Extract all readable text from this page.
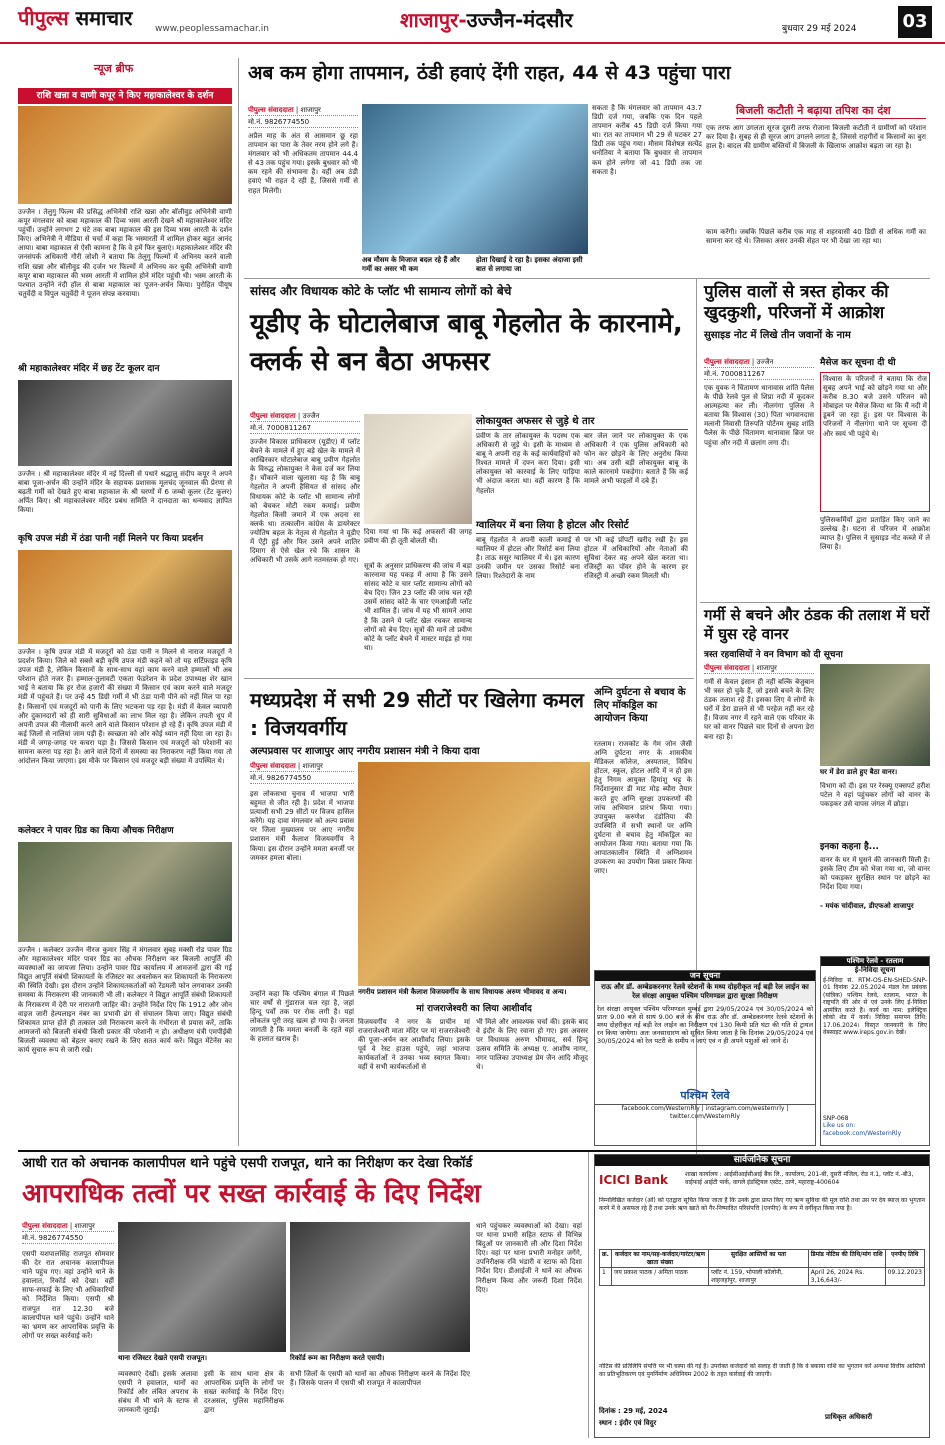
पीपुल्स समाचार	www.peoplessamachar.in	शाजापुर-उज्जैन-मंदसौर	बुधवार 29 मई 2024	03
न्यूज ब्रीफ
राशि खन्ना व वाणी कपूर ने किए महाकालेश्वर के दर्शन
उज्जैन । तेलुगु फिल्म की प्रसिद्ध अभिनेत्री राशि खन्ना और बॉलीवुड अभिनेत्री वाणी कपूर मंगलवार को बाबा महाकाल की दिव्य भस्म आरती देखने श्री महाकालेश्वर मंदिर पहुंचीं। उन्होंने लगभग 2 घंटे तक बाबा महाकाल की इस दिव्य भस्म आरती के दर्शन किए। अभिनेत्री ने मीडिया से चर्चा में कहा कि भस्मारती में शामिल होकर बहुत आनंद आया। बाबा महाकाल से ऐसी कामना है कि वे हमें फिर बुलाएं। महाकालेश्वर मंदिर की जनसंपर्क अधिकारी गौरी जोशी ने बताया कि तेलुगु फिल्मों में अभिनय करने वाली राशि खन्ना और बॉलीवुड की दर्जन भर फिल्मों में अभिनय कर चुकी अभिनेत्री वाणी कपूर बाबा महाकाल की भस्म आरती में शामिल होने मंदिर पहुंची थी। भस्म आरती के पश्चात उन्होंने नंदी हॉल से बाबा महाकाल का पूजन-अर्चन किया। पुरोहित पीयूष चतुर्वेदी व विपुल चतुर्वेदी ने पूजन संपन्न करवाया।
श्री महाकालेश्वर मंदिर में छह टेंट कूलर दान
उज्जैन । श्री महाकालेश्वर मंदिर में नई दिल्ली से पधारे श्रद्धालु संदीप कपूर ने अपने बाबा पूजा-अर्चन की उन्होंने मंदिर के सहायक प्रशासक मूलचंद जूनवाल की प्रेरणा से बढ़ती गर्मी को देखते हुए बाबा महाकाल के श्री चरणों में 6 जम्बो कूलर (टेंट कूलर) अर्पित किए। श्री महाकालेश्वर मंदिर प्रबंध समिति ने दानदाता का धन्यवाद ज्ञापित किया।
कृषि उपज मंडी में ठंडा पानी नहीं मिलने पर किया प्रदर्शन
उज्जैन । कृषि उपज मंडी में मजदूरों को ठंडा पानी न मिलने से नाराज मजदूरों ने प्रदर्शन किया। जिले को सबसे बड़ी कृषि उपज मंडी कहने को तो यह सर्टिफ़ाइड कृषि उपज मंडी है, लेकिन किसानों के साथ-साथ यहां काम करने वाले हम्मालों भी अब परेशान होते नजर हैं। हम्माल-तुलावटी एकता फेडरेशन के प्रदेश उपाध्यक्ष शेर खान भाई ने बताया कि हर रोज हजारों की संख्या में किसान एवं काम करने वाले मजदूर मंडी में पहुंचते हैं। पर उन्हें 45 डिग्री गर्मी में भी ठंडा पानी पीने को नहीं मिल पा रहा है। किसानों एवं मजदूरों को पानी के लिए भटकना पड़ रहा है। मंडी में केवल व्यापारी और दुकानदारों को ही सारी सुविधाओं का लाभ मिल रहा है। लेकिन तपती धूप में अपनी उपज की नीलामी करने आने वाले किसान परेशान हो रहे हैं। कृषि उपज मंडी में कई जिलों से नालियां जाम पड़ी हैं। स्वच्छता को ओर कोई ध्यान नहीं दिया जा रहा है। मंडी में जगह-जगह पर कचरा पड़ा है। जिससे किसान एवं मजदूरों को परेशानी का सामना करना पड़ रहा है। आने वाले दिनों में समस्या का निराकरण नहीं किया गया तो आंदोलन किया जाएगा। इस मौके पर किसान एवं मजदूर बड़ी संख्या में उपस्थित थे।
कलेक्टर ने पावर ग्रिड का किया औचक निरीक्षण
उज्जैन । कलेक्टर उज्जैन नीरज कुमार सिंह ने मंगलवार सुबह मक्सी रोड पावर ग्रिड और महाकालेश्वर मंदिर पावर ग्रिड का औचक निरीक्षण कर बिजली आपूर्ति की व्यवस्थाओं का जायजा लिया। उन्होंने पावर ग्रिड कार्यालय में आमजनों द्वारा की गई विद्युत आपूर्ति संबंधी शिकायतों के रजिस्टर का अवलोकन कर शिकायतों के निराकरण की स्थिति देखी। इस दौरान उन्होंने शिकायतकर्ताओं को रेंडमली फोन लगवाकर उनकी समस्या के निराकरण की जानकारी भी ली। कलेक्टर ने विद्युत आपूर्ति संबंधी शिकायतों के निराकरण में देरी पर नाराजगी जाहिर की। उन्होंने निर्देश दिए कि 1912 और जोन वाइज जारी हेल्पलाइन नंबर का प्रभावी ढंग से संचालन किया जाए। विद्युत संबंधी शिकायत प्राप्त होते ही तत्काल उसे निराकरण करने के गंभीरता से प्रयास करें, ताकि आमजनों को बिजली संबंधी किसी प्रकार की परेशानी न हो। अधीक्षण यंत्री एमपीईबी बिजली व्यवस्था को बेहतर बनाए रखने के लिए सतत कार्य करें। विद्युत मेंटेनेंस का कार्य सुचारु रूप से जारी रखें।
अब कम होगा तापमान, ठंडी हवाएं देंगी राहत, 44 से 43 पहुंचा पारा
पीपुल्स संवाददाता | शाजापुर
मो.नं. 9826774550
अप्रैल माह के अंत से आसमान छू रहा तापमान का पारा के तेवर नरम होने लगे हैं। मंगलवार को भी अधिकतम तापमान 44.4 से 43 तक पहुंच गया। इसके बुधवार को भी कम रहने की संभावना है। वहीं अब ठंडी हवाएं भी राहत दे रही हैं, जिससे गर्मी से राहत मिलेगी।
अब मौसम के मिजाज बदल रहे हैं और गर्मी का असर भी कम
होता दिखाई दे रहा है। इसका अंदाजा इसी बात से लगाया जा
सकता है कि मंगलवार को तापमान 43.7 डिग्री दर्ज गया, जबकि एक दिन पहले तापमान करीब 45 डिग्री दर्ज किया गया था। रात का तापमान भी 29 से घटकर 27 डिग्री तक पहुंच गया। मौसम विशेषज्ञ सत्येंद्र धनोतिया ने बताया कि बुधवार से तापमान कम होने लगेगा जो 41 डिग्री तक जा सकता है।
बिजली कटौती ने बढ़ाया तपिश का दंश
एक तरफ आग उगलता सूरज दूसरी तरफ रोजाना बिजली कटौती ने ग्रामीणों को परेशान कर दिया है। सुबह से ही सूरज आग उगलने लगता है, जिससे राहगीरों व किसानों का बुरा हाल है। बादल की ग्रामीण बस्तियों में बिजली के खिलाफ आक्रोश बढ़ता जा रहा है।
काम करेंगी। जबकि पिछले करीब एक माह से शहरवासी 40 डिग्री से अधिक गर्मी का सामना कर रहे थे। जिसका असर उनकी सेहत पर भी देखा जा रहा था।
सांसद और विधायक कोटे के प्लॉट भी सामान्य लोगों को बेचे
यूडीए के घोटालेबाज बाबू गेहलोत के कारनामे, क्लर्क से बन बैठा अफसर
पीपुल्स संवाददाता | उज्जैन
मो.नं. 7000811267
उज्जैन विकास प्राधिकरण (यूडीए) में प्लॉट बेचने के मामले में हुए बड़े खेल के मामले में आखिरकार घोटालेबाज बाबू प्रवीण गेहलोत के विरुद्ध लोकायुक्त ने केस दर्ज कर लिया है। चौंकाने वाला खुलासा यह है कि बाबू गेहलोत ने अपनी हैसियत से सांसद और विधायक कोटे के प्लॉट भी सामान्य लोगों को बेचकर मोटी रकम कमाई। प्रवीण गेहलोत किसी जमाने में एक अदना सा क्लर्क था। तत्कालीन कांग्रेस के डायरेक्टर ज्योतिष बहल के नेतृत्व से गेहलोत ने यूडीए में ऐंट्री हुई और फिर उसने अपने शातिर दिमाग से ऐसे खेल रचे कि शासन के अधिकारी भी उसके आगे नतमस्तक हो गए।
दिया गया था कि कई अफसरों की जगह प्रवीण की ही तूती बोलती थी।
सूत्रों के अनुसार प्राधिकरण की जांच में बड़ा कारनामा यह पकड़ में आया है कि उसने सांसद कोटे व चार प्लॉट सामान्य लोगों को बेच दिए। जिन 23 प्लॉट की जांच चल रही उसमें सांसद कोटे के चार एमआईजी प्लॉट भी शामिल हैं। जांच में यह भी सामने आया है कि उसने ये प्लॉट खेल रचकर सामान्य लोगों को बेच दिए। सूत्रों की मानें तो प्रवीण कोटे के प्लॉट बेचने में मास्टर माइंड हो गया था।
लोकायुक्त अफसर से जुड़े थे तार
प्रवीण के तार लोकायुक्त के पदस्थ एक अधिकारी से जुड़े थे। इसी के माध्यम से बाबू ने अपनी राह के कई कार्यवाहियों को रिश्वत मामले में दफ्न करा दिया। इसी लोकायुक्त को कारवाई के लिए पाड़िया भी अंदाज करता था। वहीं कारण है कि गेहलोत
बार जेल जाने पर लोकायुक्त के एक अधिकारी ने एक पुलिस अधिकारी को फोन कर छोड़ने के लिए अनुरोध किया था। अब उसी बड़ी लोकायुक्त बाबू के काले कारनामे पकड़ेगा। बताते हैं कि कई मामले अभी फाइलों में दबे हैं।
ग्वालियर में बना लिया है होटल और रिसोर्ट
बाबू गेहलोत ने अपनी काली कमाई से ग्वालियर में होटल और रिसोर्ट बना लिया है। ताऊ ससुर ग्वालियर में थे। इस कारण उनकी जमीन पर उसका रिसोर्ट बना लिया। रिश्तेदारों के नाम
पर भी कई प्रॉपर्टी खरीद रखी है। इस होटल में अधिकारियों और नेताओं की सुविधा देकर वह अपने खेल करता था। रजिस्ट्री का पॉवर होने के कारण हर रजिस्ट्री में अच्छी रकम मिलती थी।
पुलिस वालों से त्रस्त होकर की खुदकुशी, परिजनों में आक्रोश
सुसाइड नोट में लिखे तीन जवानों के नाम
पीपुल्स संवाददाता | उज्जैन
मो.नं. 7000811267
एक युवक ने चिंतामण थानावास शांति पैलेस के पीछे रेलवे पुल से शिप्रा नदी में कूदकर आत्महत्या कर ली। नीलगंगा पुलिस ने बताया कि विश्वास (30) पिता भगवानदास मलानी निवासी तिरुपति पोर्टेनम सुबह शांति पैलेस के पीछे चिंतामण थानावास ब्रिज पर पहुंचा और नदी में छलांग लगा दी।
मैसेज कर सूचना दी थी
विश्वास के परिजनों ने बताया कि रोज सुबह अपने भाई को छोड़ने गया था और करीब 8.30 बजे उसने परिजन को मोबाइल पर मैसेज किया था कि मैं नदी में डूबने जा रहा हूं। इस पर विश्वास के परिजनों ने नीलगंगा थाने पर सूचना दी और स्वयं भी पहुंचे थे।
पुलिसकर्मियों द्वारा प्रताड़ित किए जाने का उल्लेख है। घटना से परिजन में आक्रोश व्याप्त है। पुलिस ने सुसाइड नोट कब्जे में ले लिया है।
गर्मी से बचने और ठंडक की तलाश में घरों में घुस रहे वानर
त्रस्त रहवासियों ने वन विभाग को दी सूचना
पीपुल्स संवाददाता | शाजापुर
गर्मी से केवल इंसान ही नहीं बल्कि बेजुबान भी त्रस्त हो चुके हैं, जो इससे बचने के लिए ठंडक तलाश रहे हैं। इसका लिए वे लोगों के घरों में डेरा डालने से भी परहेज नहीं कर रहे हैं। विजय नगर में रहने वाले एक परिवार के घर को वानर पिछले चार दिनों से अपना डेरा बना रहा है।
घर में डेरा डाले हुए बैठा वानर।
विभाग को दी। इस पर रेस्क्यू एक्सपर्ट हरीश पटेल ने वहां पहुंचकर लोगों को वानर के पकड़कर उसे वापस जंगल में छोड़ा।
इनका कहना है...
वानर के घर में घुसने की जानकारी मिली है। इसके लिए टीम को भेजा गया था, जो वानर को पकड़कर सुरक्षित स्थान पर छोड़ने का निर्देश दिया गया।
- मयंक चांदीवाल, डीएफओ शाजापुर
मध्यप्रदेश में सभी 29 सीटों पर खिलेगा कमल : विजयवर्गीय
अल्पप्रवास पर शाजापुर आए नगरीय प्रशासन मंत्री ने किया दावा
पीपुल्स संवाददाता | शाजापुर
मो.नं. 9826774550
इस लोकसभा चुनाव में भाजपा भारी बहुमत से जीत रही है। प्रदेश में भाजपा प्रत्याशी सभी 29 सीटों पर विजय हासिल करेंगे। यह दावा मंगलवार को अल्प प्रवास पर जिला मुख्यालय पर आए नगरीय प्रशासन मंत्री कैलाश विजयवर्गीय ने किया। इस दौरान उन्होंने ममता बनर्जी पर जमकर हमला बोला।
उन्होंने कहा कि पश्चिम बंगाल में पिछले चार वर्षों से गुंडाराज चल रहा है, जहां हिन्दू पर्वों तक पर रोक लगी है। यहां लोकतंत्र पूरी तरह खत्म हो गया है। जनता जागती है कि ममता बनर्जी के रहते वहां के हालात खराब हैं।
नगरीय प्रशासन मंत्री कैलाश विजयवर्गीय के साथ विधायक अरुण भीमावद व अन्य।
मां राजराजेश्वरी का लिया आशीर्वाद
विजयवर्गीय ने नगर के प्राचीन मां राजराजेश्वरी माता मंदिर पर मां राजराजेश्वरी की पूजा-अर्चन कर आशीर्वाद लिया। इसके पूर्व वे रेस्ट हाउस पहुंचे, जहां भाजपा कार्यकर्ताओं ने उनका भव्य स्वागत किया। वहीं वे सभी कार्यकर्ताओं से
भी मिले और आवश्यक चर्चा की। इसके बाद वे इंदौर के लिए रवाना हो गए। इस अवसर पर विधायक अरुण भीमावद, सर्व हिन्दू उत्सव समिति के अध्यक्ष ए. आशीष नागर, नगर पालिका उपाध्यक्ष प्रेम जैन आदि मौजूद थे।
अग्नि दुर्घटना से बचाव के लिए मॉकड्रिल का आयोजन किया
रतलाम। राजकोट के गेम जोन जैसी अग्नि दुर्घटना नगर के शासकीय मेडिकल कॉलेज, अस्पताल, विविध होटल, स्कूल, होटल आदि में न हो इस हेतु निगम आयुक्त हिमांशु भट्ट के निर्देशानुसार डी माट मोड़ ब्यौरा तैयार करते हुए अग्नि सुरक्षा उपकरणों की जांच अभियान प्रारंभ किया गया। उपायुक्त करुणेश दंडोतिया की उपस्थिति में सभी स्थानों पर अग्नि दुर्घटना से बचाव हेतु मॉकड्रिल का आयोजन किया गया। बताया गया कि आपातकालीन स्थिति में अग्निशमन उपकरण का उपयोग किस प्रकार किया जाए।
जन सूचना
राऊ और डॉ. अम्बेडकरनगर रेलवे स्टेशनों के मध्य दोहरीकृत नई बड़ी रेल लाईन का रेल संरक्षा आयुक्त पश्चिम परिमण्डल द्वारा सुरक्षा निरीक्षण
रेल संरक्षा आयुक्त पश्चिम परिमण्डल मुम्बई द्वारा 29/05/2024 एवं 30/05/2024 को प्रातः 9.00 बजे से सायं 9.00 बजे के बीच राऊ और डॉ. अम्बेडकरनगर रेलवे स्टेशनों के मध्य दोहरीकृत नई बड़ी रेल लाईन का निरीक्षण एवं 130 किमी प्रति घंटा की गति से ट्रायल रन किया जायेगा। अतः जनसाधारण को सूचित किया जाता है कि दिनांक 29/05/2024 एवं 30/05/2024 को रेल पटरी के समीप न जाएं एवं न ही अपने पशुओं को जाने दें।
पश्चिम रेलवे
facebook.com/WesternRly | instagram.com/westernrly | twitter.com/WesternRly
पश्चिम रेलवे - रतलाम
ई-निविदा सूचना
ई-निविदा सं. RTM-OS-EN-SHED-SNP-01 दिनांक 22.05.2024 मंडल रेल प्रबंधक (यांत्रिक) पश्चिम रेलवे, रतलाम, भारत के राष्ट्रपति की ओर से एवं उनके लिए ई-निविदा आमंत्रित करते हैं। कार्य का नाम: इलेक्ट्रिक लोको शेड में कार्य। निविदा समापन तिथि: 17.06.2024। विस्तृत जानकारी के लिए वेबसाइट www.ireps.gov.in देखें।
SNP-068
Like us on: facebook.com/WesternRly
आधी रात को अचानक कालापीपल थाने पहुंचे एसपी राजपूत, थाने का निरीक्षण कर देखा रिकॉर्ड
आपराधिक तत्वों पर सख्त कार्रवाई के दिए निर्देश
पीपुल्स संवाददाता | शाजापुर
मो.नं. 9826774550
एसपी यशपालसिंह राजपूत सोमवार की देर रात अचानक कालापीपल थाने पहुंच गए। वहां उन्होंने थाने के हवालात, रिकॉर्ड को देखा। वहीं साफ-सफाई के लिए भी अधिकारियों को निर्देशित किया। एसपी श्री राजपूत रात 12.30 बजे कालापीपल थाने पहुंचे। उन्होंने थाने का भ्रमण कर आपराधिक प्रवृत्ति के लोगों पर सख्त कार्रवाई करें।
थाना रजिस्टर देखते एसपी राजपूत।
व्यवस्थाएं देखीं। इसके अलावा एसपी ने हवालात, थानों का रिकॉर्ड और लंबित अपराध के संबंध में भी थाने के स्टाफ से जानकारी जुटाई।
इसी के साथ थाना क्षेत्र के आपराधिक प्रवृत्ति के लोगों पर सख्त कार्रवाई के निर्देश दिए। दरअसल, पुलिस महानिरीक्षक द्वारा
रिकॉर्ड रूम का निरीक्षण करते एसपी।
सभी जिलों के एसपी को थानों का औचक निरीक्षण करने के निर्देश दिए हैं। जिसके पालन में एसपी श्री राजपूत ने कालापीपल
थाने पहुंचकर व्यवस्थाओं को देखा। वहां पर थाना प्रभारी सहित स्टाफ से विभिन्न बिंदुओं पर जानकारी ली और दिशा निर्देश दिए। वहां पर थाना प्रभारी मनोहर जगेंगे, उपनिरीक्षक रवि भंडारी व स्टाफ को दिशा निर्देश दिए। डीआईजी ने थाने का औचक निरीक्षण किया और जरूरी दिशा निर्देश दिए।
सार्वजनिक सूचना
ICICI Bank	शाखा कार्यालय : आईसीआईसीआई बैंक लि., कार्यालय, 201-बी, दूसरी मंजिल, रोड नं.1, प्लॉट नं.-बी3, वाईफाई आईटी पार्क, वागले इंडस्ट्रियल एस्टेट, ठाणे, महाराष्ट्र-400604
निम्नलिखित कर्जदार (ओं) को एतद्वारा सूचित किया जाता है कि उनके द्वारा प्राप्त किए गए ऋण सुविधा की मूल राशि तथा उस पर देय ब्याज का भुगतान करने में वे असफल रहे हैं तथा उनके ऋण खाते को गैर-निष्पादित परिसंपत्ति (एनपीए) के रूप में वर्गीकृत किया गया है।
क्र.	कर्जदार का नाम/सह-कर्जदार/गारंटर/ऋण खाता संख्या	सुरक्षित आस्तियों का पता	डिमांड नोटिस की तिथि/मांग राशि	एनपीए तिथि
1	जय प्रकाश पाठक / अमिता पाठक	प्लॉट नं. 159, भोपाली कॉलोनी, शाहजहांपुर, शाजापुर	April 26, 2024 Rs. 3,16,643/-	09.12.2023
नोटिस की प्रतिलिपि संपत्ति पर भी चस्पा की गई है। उपरोक्त कर्जदारों को सलाह दी जाती है कि वे बकाया राशि का भुगतान करें अन्यथा वित्तीय आस्तियों का प्रतिभूतिकरण एवं पुनर्निर्माण अधिनियम 2002 के तहत कार्रवाई की जाएगी।
दिनांक : 29 मई, 2024
स्थान : इंदौर एवं विदुर
प्राधिकृत अधिकारी
